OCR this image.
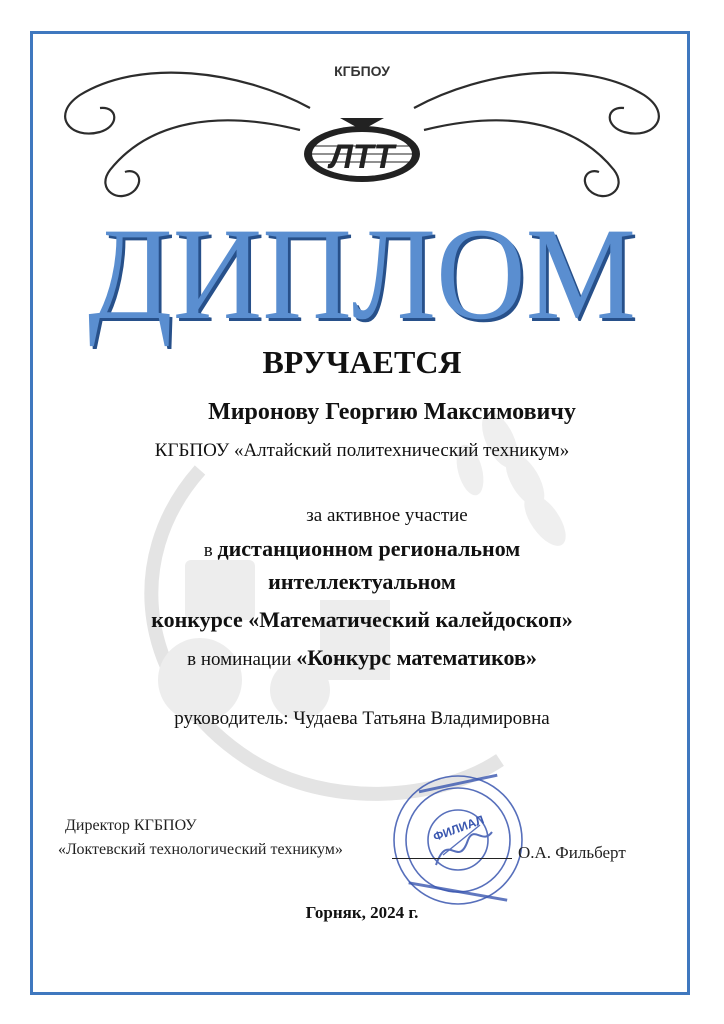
КГБПОУ
ЛТТ
ДИПЛОМ
ВРУЧАЕТСЯ
Миронову Георгию Максимовичу
КГБПОУ «Алтайский политехнический техникум»
за активное участие
в дистанционном региональном
интеллектуальном
конкурсе «Математический калейдоскоп»
в номинации «Конкурс математиков»
руководитель: Чудаева Татьяна Владимировна
ФИЛИАЛ
Директор КГБПОУ
«Локтевский технологический техникум»	О.А. Фильберт
Горняк, 2024 г.
